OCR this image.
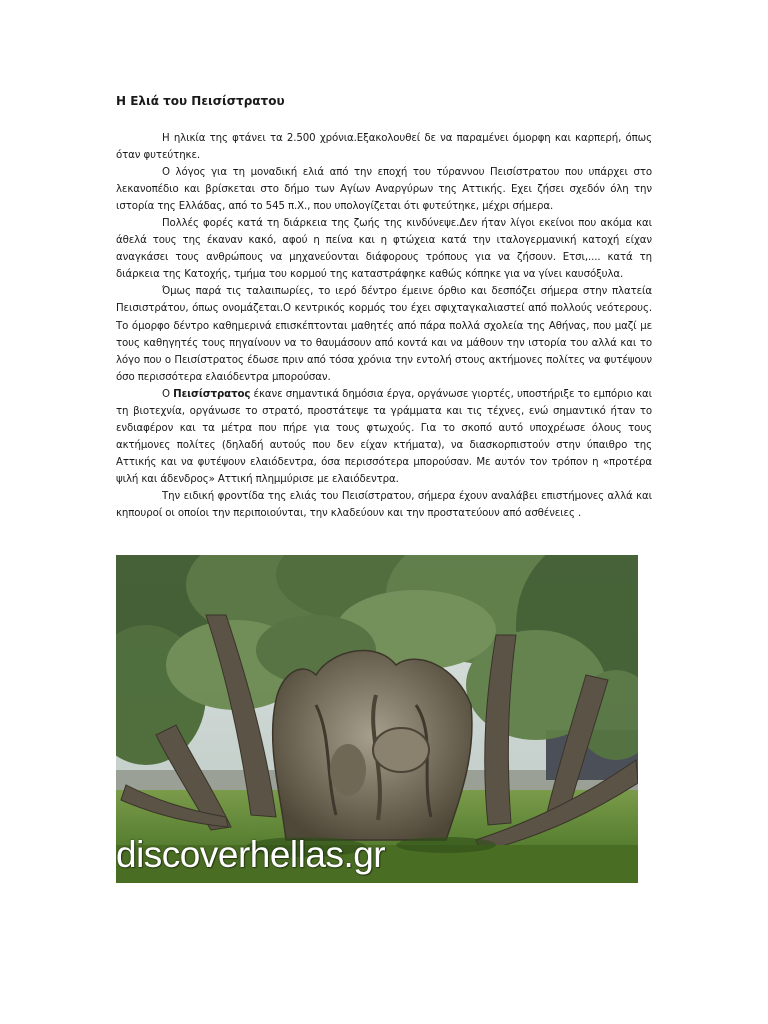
Η Ελιά του Πεισίστρατου

Η ηλικία της φτάνει τα 2.500 χρόνια.Εξακολουθεί δε να παραμένει όμορφη και καρπερή, όπως όταν φυτεύτηκε.

Ο λόγος για τη μοναδική ελιά από την εποχή του τύραννου Πεισίστρατου που υπάρχει στο λεκανοπέδιο και βρίσκεται στο δήμο των Αγίων Αναργύρων της Αττικής. Εχει ζήσει σχεδόν όλη την ιστορία της Ελλάδας, από το 545 π.Χ., που υπολογίζεται ότι φυτεύτηκε, μέχρι σήμερα.

Πολλές φορές κατά τη διάρκεια της ζωής της κινδύνεψε.Δεν ήταν λίγοι εκείνοι που ακόμα και άθελά τους της έκαναν κακό, αφού η πείνα και η φτώχεια κατά την ιταλογερμανική κατοχή είχαν αναγκάσει τους ανθρώπους να μηχανεύονται διάφορους τρόπους για να ζήσουν. Ετσι,.... κατά τη διάρκεια της Κατοχής, τμήμα του κορμού της καταστράφηκε καθώς κόπηκε για να γίνει καυσόξυλα.

Όμως παρά τις ταλαιπωρίες, το ιερό δέντρο έμεινε όρθιο και δεσπόζει σήμερα στην πλατεία Πεισιστράτου, όπως ονομάζεται.Ο κεντρικός κορμός του έχει σφιχταγκαλιαστεί από πολλούς νεότερους. Το όμορφο δέντρο καθημερινά επισκέπτονται μαθητές από πάρα πολλά σχολεία της Αθήνας, που μαζί με τους καθηγητές τους πηγαίνουν να το θαυμάσουν από κοντά και να μάθουν την ιστορία του αλλά και το λόγο που ο Πεισίστρατος έδωσε πριν από τόσα χρόνια την εντολή στους ακτήμονες πολίτες να φυτέψουν όσο περισσότερα ελαιόδεντρα μπορούσαν.

Ο Πεισίστρατος έκανε σημαντικά δημόσια έργα, οργάνωσε γιορτές, υποστήριξε το εμπόριο και τη βιοτεχνία, οργάνωσε το στρατό, προστάτεψε τα γράμματα και τις τέχνες, ενώ σημαντικό ήταν το ενδιαφέρον και τα μέτρα που πήρε για τους φτωχούς. Για το σκοπό αυτό υποχρέωσε όλους τους ακτήμονες πολίτες (δηλαδή αυτούς που δεν είχαν κτήματα), να διασκορπιστούν στην ύπαιθρο της Αττικής και να φυτέψουν ελαιόδεντρα, όσα περισσότερα μπορούσαν. Με αυτόν τον τρόπον η «προτέρα ψιλή και άδενδρος» Αττική πλημμύρισε με ελαιόδεντρα.

Την ειδική φροντίδα της ελιάς του Πεισίστρατου, σήμερα έχουν αναλάβει επιστήμονες αλλά και κηπουροί οι οποίοι την περιποιούνται, την κλαδεύουν και την προστατεύουν από ασθένειες .

discoverhellas.gr
